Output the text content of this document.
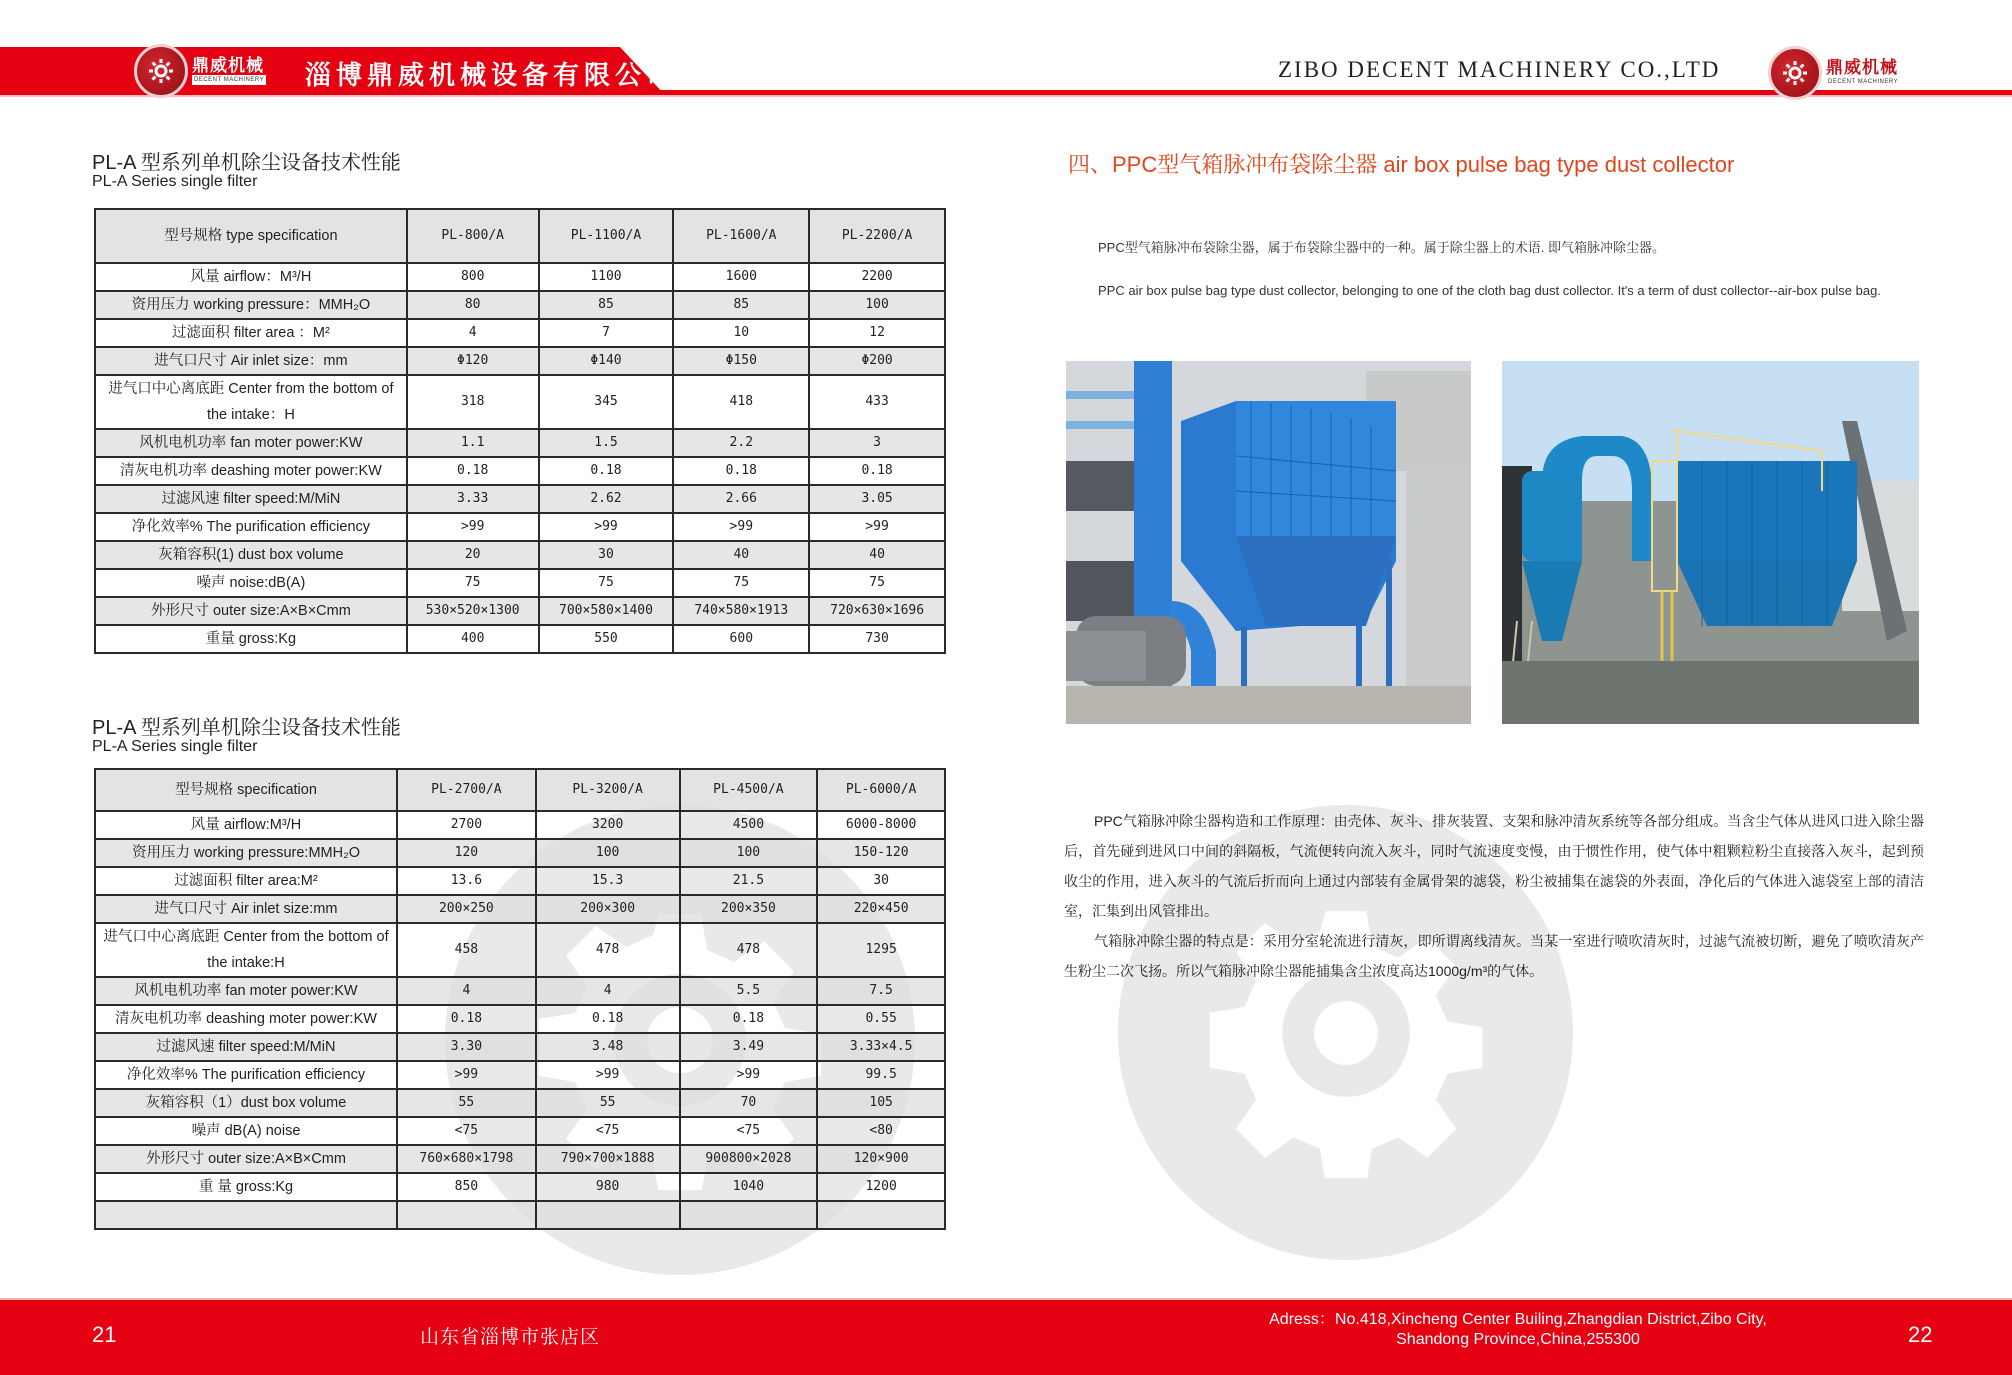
鼎威机械
DECENT MACHINERY 淄博鼎威机械设备有限公司	ZIBO DECENT MACHINERY CO.,LTD	鼎威机械
DECENT MACHINERY
PL-A 型系列单机除尘设备技术性能
PL-A Series single filter
型号规格 type specification	PL-800/A	PL-1100/A	PL-1600/A	PL-2200/A
风量 airflow：M³/H	800	1100	1600	2200
资用压力 working pressure：MMH₂O	80	85	85	100
过滤面积 filter area ：M²	4	7	10	12
进气口尺寸 Air inlet size：mm	Φ120	Φ140	Φ150	Φ200
进气口中心离底距 Center from the bottom of the intake：H	318	345	418	433
风机电机功率 fan moter power:KW	1.1	1.5	2.2	3
清灰电机功率 deashing moter power:KW	0.18	0.18	0.18	0.18
过滤风速 filter speed:M/MiN	3.33	2.62	2.66	3.05
净化效率% The purification efficiency	>99	>99	>99	>99
灰箱容积(1) dust box volume	20	30	40	40
噪声 noise:dB(A)	75	75	75	75
外形尺寸 outer size:A×B×Cmm	530×520×1300	700×580×1400	740×580×1913	720×630×1696
重量 gross:Kg	400	550	600	730
PL-A 型系列单机除尘设备技术性能
PL-A Series single filter
型号规格 specification	PL-2700/A	PL-3200/A	PL-4500/A	PL-6000/A
风量 airflow:M³/H	2700	3200	4500	6000-8000
资用压力 working pressure:MMH₂O	120	100	100	150-120
过滤面积 filter area:M²	13.6	15.3	21.5	30
进气口尺寸 Air inlet size:mm	200×250	200×300	200×350	220×450
进气口中心离底距 Center from the bottom of the intake:H	458	478	478	1295
风机电机功率 fan moter power:KW	4	4	5.5	7.5
清灰电机功率 deashing moter power:KW	0.18	0.18	0.18	0.55
过滤风速 filter speed:M/MiN	3.30	3.48	3.49	3.33×4.5
净化效率% The purification efficiency	>99	>99	>99	99.5
灰箱容积（1）dust box volume	55	55	70	105
噪声 dB(A) noise	<75	<75	<75	<80
外形尺寸 outer size:A×B×Cmm	760×680×1798	790×700×1888	900800×2028	120×900
重 量 gross:Kg	850	980	1040	1200

四、PPC型气箱脉冲布袋除尘器 air box pulse bag type dust collector
PPC型气箱脉冲布袋除尘器，属于布袋除尘器中的一种。属于除尘器上的术语. 即气箱脉冲除尘器。
PPC air box pulse bag type dust collector, belonging to one of the cloth bag dust collector. It's a term of dust collector--air-box pulse bag.

PPC气箱脉冲除尘器构造和工作原理：由壳体、灰斗、排灰装置、支架和脉冲清灰系统等各部分组成。当含尘气体从进风口进入除尘器后，首先碰到进风口中间的斜隔板，气流便转向流入灰斗，同时气流速度变慢，由于惯性作用，使气体中粗颗粒粉尘直接落入灰斗，起到预收尘的作用，进入灰斗的气流后折而向上通过内部装有金属骨架的滤袋，粉尘被捕集在滤袋的外表面，净化后的气体进入滤袋室上部的清洁室，汇集到出风管排出。

气箱脉冲除尘器的特点是：采用分室轮流进行清灰，即所谓离线清灰。当某一室进行喷吹清灰时，过滤气流被切断，避免了喷吹清灰产生粉尘二次飞扬。所以气箱脉冲除尘器能捕集含尘浓度高达1000g/m³的气体。

21	山东省淄博市张店区
Adress：No.418,Xincheng Center Builing,Zhangdian District,Zibo City,
Shandong Province,China,255300	22
